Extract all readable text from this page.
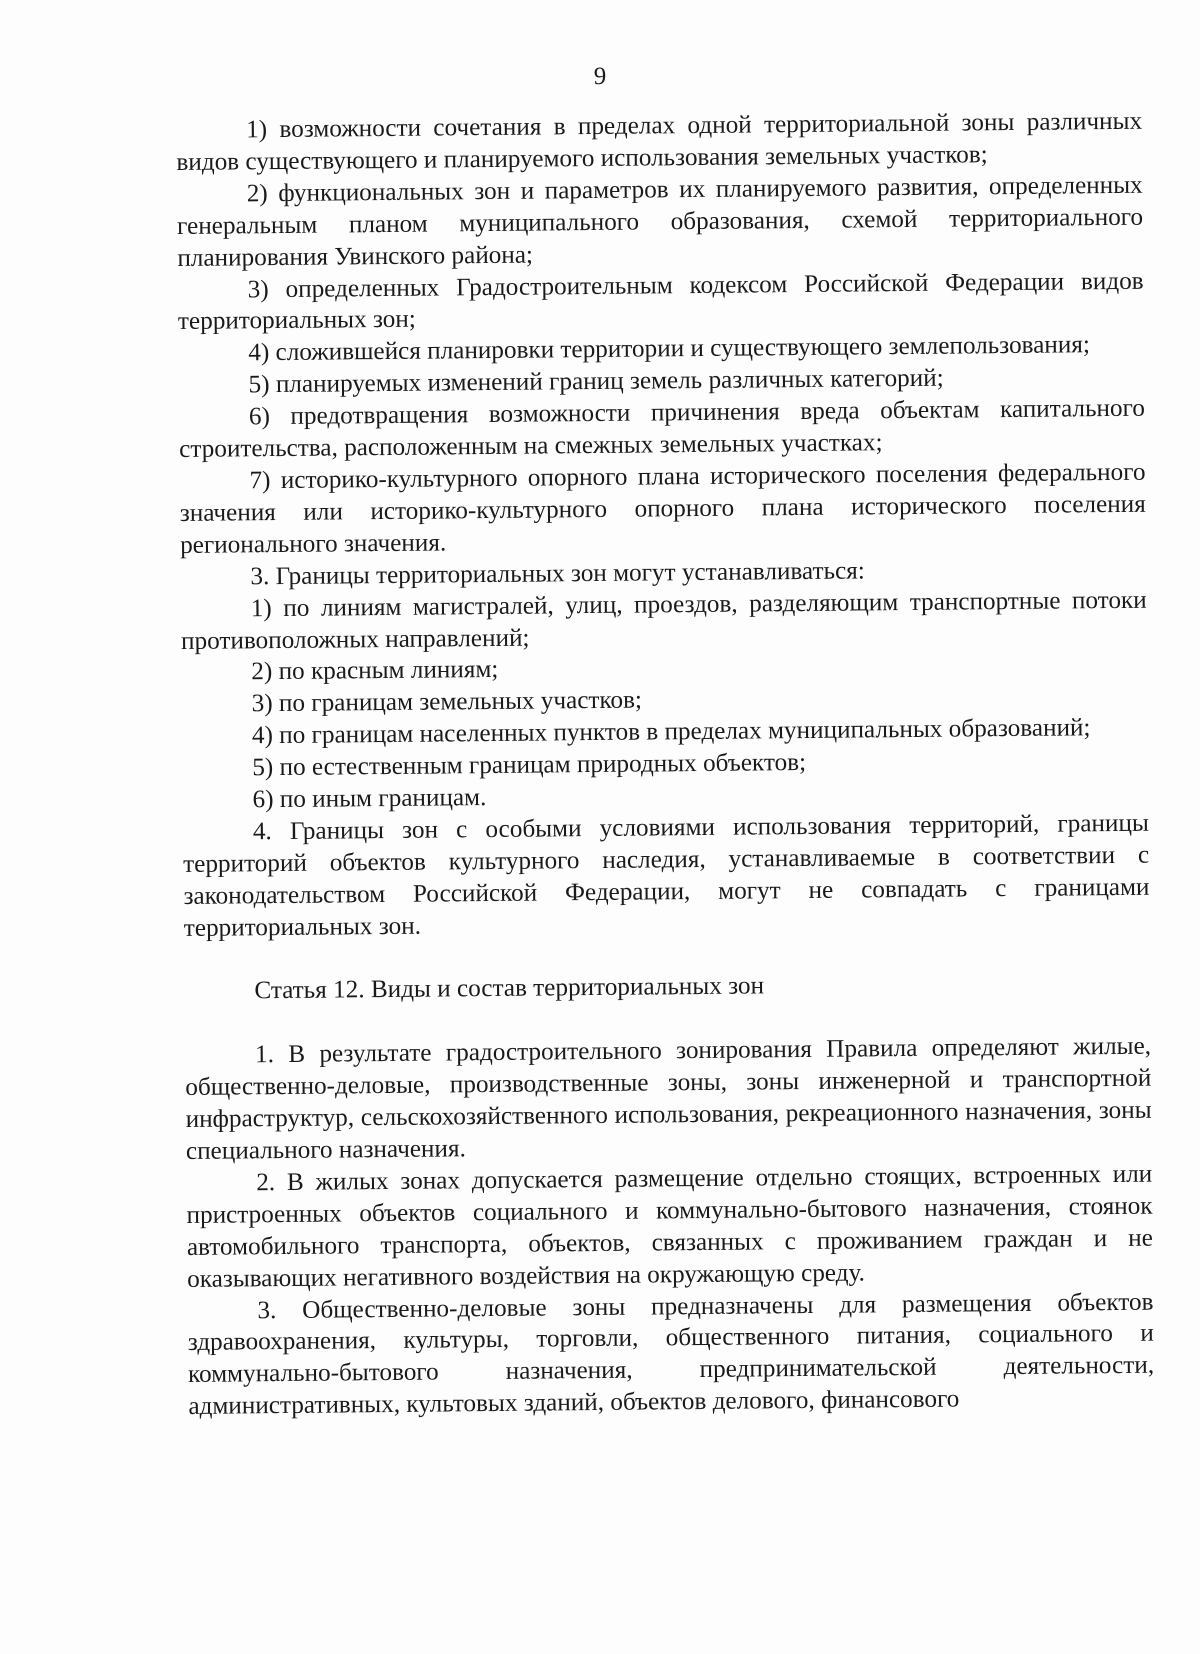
9

1) возможности сочетания в пределах одной территориальной зоны различных видов существующего и планируемого использования земельных участков;

2) функциональных зон и параметров их планируемого развития, определенных генеральным планом муниципального образования, схемой территориального планирования Увинского района;

3) определенных Градостроительным кодексом Российской Федерации видов территориальных зон;

4) сложившейся планировки территории и существующего землепользования;

5) планируемых изменений границ земель различных категорий;

6) предотвращения возможности причинения вреда объектам капитального строительства, расположенным на смежных земельных участках;

7) историко-культурного опорного плана исторического поселения федерального значения или историко-культурного опорного плана исторического поселения регионального значения.

3. Границы территориальных зон могут устанавливаться:

1) по линиям магистралей, улиц, проездов, разделяющим транспортные потоки противоположных направлений;

2) по красным линиям;

3) по границам земельных участков;

4) по границам населенных пунктов в пределах муниципальных образований;

5) по естественным границам природных объектов;

6) по иным границам.

4. Границы зон с особыми условиями использования территорий, границы территорий объектов культурного наследия, устанавливаемые в соответствии с законодательством Российской Федерации, могут не совпадать с границами территориальных зон.

Статья 12. Виды и состав территориальных зон

1. В результате градостроительного зонирования Правила определяют жилые, общественно-деловые, производственные зоны, зоны инженерной и транспортной инфраструктур, сельскохозяйственного использования, рекреационного назначения, зоны специального назначения.

2. В жилых зонах допускается размещение отдельно стоящих, встроенных или пристроенных объектов социального и коммунально-бытового назначения, стоянок автомобильного транспорта, объектов, связанных с проживанием граждан и не оказывающих негативного воздействия на окружающую среду.

3. Общественно-деловые зоны предназначены для размещения объектов здравоохранения, культуры, торговли, общественного питания, социального и коммунально-бытового назначения, предпринимательской деятельности, административных, культовых зданий, объектов делового, финансового
